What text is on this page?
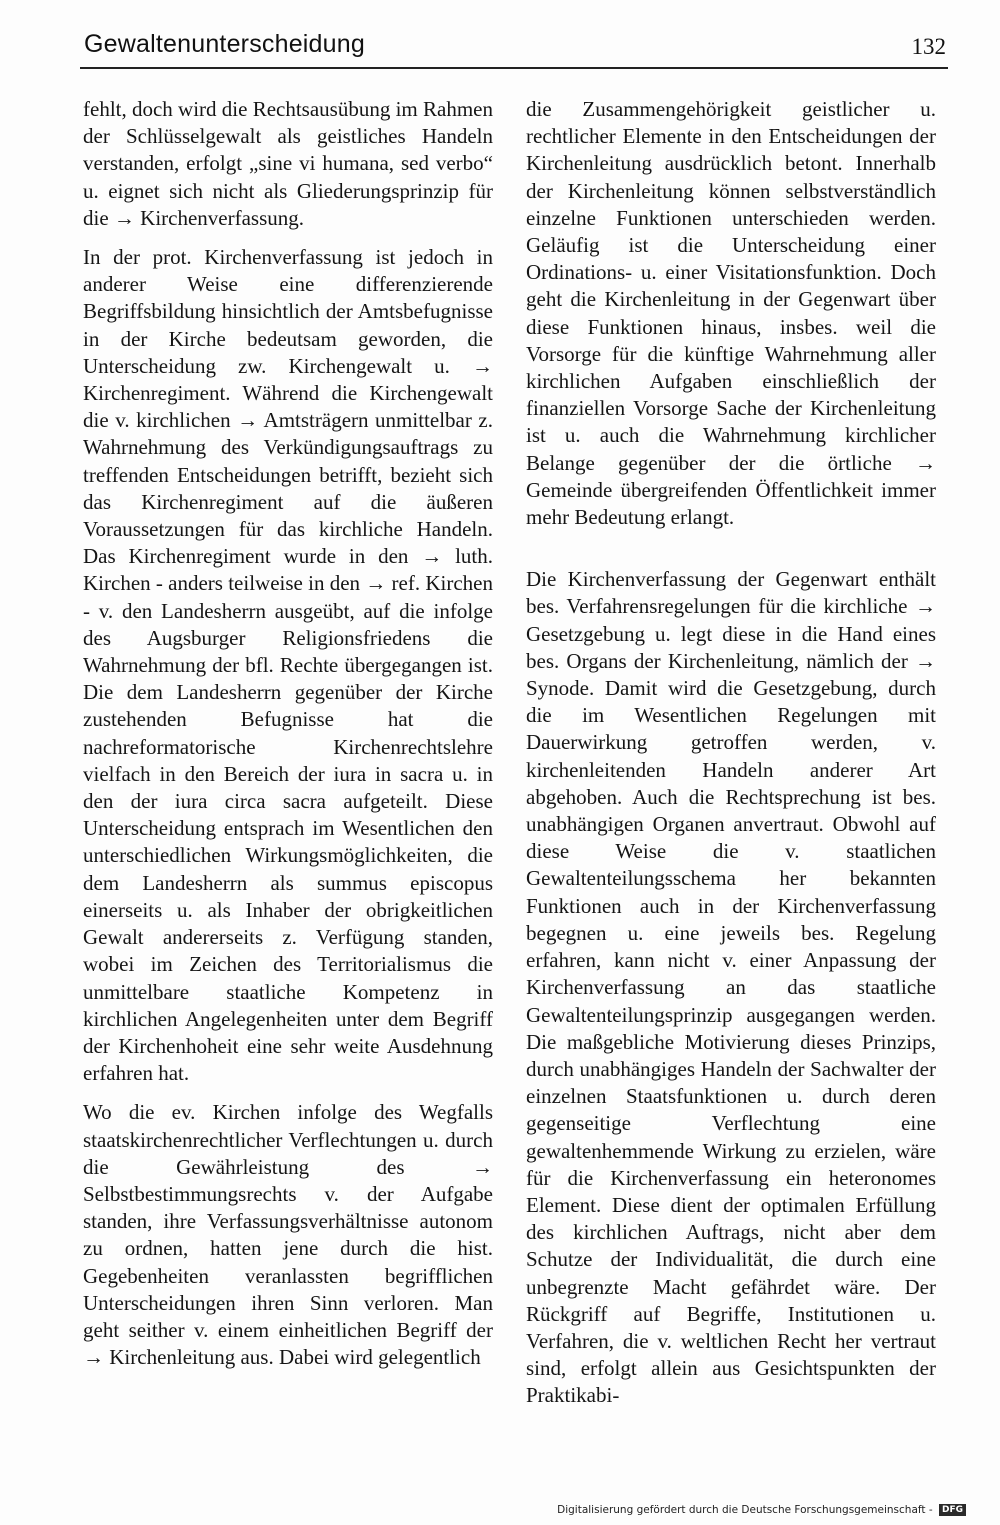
Gewaltenunterscheidung	132

fehlt, doch wird die Rechtsausübung im Rahmen der Schlüsselgewalt als geistliches Handeln verstanden, erfolgt „sine vi humana, sed verbo“ u. eignet sich nicht als Gliederungsprinzip für die → Kirchenverfassung.

In der prot. Kirchenverfassung ist jedoch in anderer Weise eine differenzierende Begriffsbildung hinsichtlich der Amtsbefugnisse in der Kirche bedeutsam geworden, die Unterscheidung zw. Kirchengewalt u. → Kirchenregiment. Während die Kirchengewalt die v. kirchlichen → Amtsträgern unmittelbar z. Wahrnehmung des Verkündigungsauftrags zu treffenden Entscheidungen betrifft, bezieht sich das Kirchenregiment auf die äußeren Voraussetzungen für das kirchliche Handeln. Das Kirchenregiment wurde in den → luth. Kirchen - anders teilweise in den → ref. Kirchen - v. den Landesherrn ausgeübt, auf die infolge des Augsburger Religionsfriedens die Wahrnehmung der bfl. Rechte übergegangen ist. Die dem Landesherrn gegenüber der Kirche zustehenden Befugnisse hat die nachreformatorische Kirchenrechtslehre vielfach in den Bereich der iura in sacra u. in den der iura circa sacra aufgeteilt. Diese Unterscheidung entsprach im Wesentlichen den unterschiedlichen Wirkungsmöglichkeiten, die dem Landesherrn als summus episcopus einerseits u. als Inhaber der obrigkeitlichen Gewalt andererseits z. Verfügung standen, wobei im Zeichen des Territorialismus die unmittelbare staatliche Kompetenz in kirchlichen Angelegenheiten unter dem Begriff der Kirchenhoheit eine sehr weite Ausdehnung erfahren hat.

Wo die ev. Kirchen infolge des Wegfalls staatskirchenrechtlicher Verflechtungen u. durch die Gewährleistung des → Selbstbestimmungsrechts v. der Aufgabe standen, ihre Verfassungsverhältnisse autonom zu ordnen, hatten jene durch die hist. Gegebenheiten veranlassten begrifflichen Unterscheidungen ihren Sinn verloren. Man geht seither v. einem einheitlichen Begriff der → Kirchenleitung aus. Dabei wird gelegentlich

die Zusammengehörigkeit geistlicher u. rechtlicher Elemente in den Entscheidungen der Kirchenleitung ausdrücklich betont. Innerhalb der Kirchenleitung können selbstverständlich einzelne Funktionen unterschieden werden. Geläufig ist die Unterscheidung einer Ordinations- u. einer Visitationsfunktion. Doch geht die Kirchenleitung in der Gegenwart über diese Funktionen hinaus, insbes. weil die Vorsorge für die künftige Wahrnehmung aller kirchlichen Aufgaben einschließlich der finanziellen Vorsorge Sache der Kirchenleitung ist u. auch die Wahrnehmung kirchlicher Belange gegenüber der die örtliche → Gemeinde übergreifenden Öffentlichkeit immer mehr Bedeutung erlangt.

Die Kirchenverfassung der Gegenwart enthält bes. Verfahrensregelungen für die kirchliche → Gesetzgebung u. legt diese in die Hand eines bes. Organs der Kirchenleitung, nämlich der → Synode. Damit wird die Gesetzgebung, durch die im Wesentlichen Regelungen mit Dauerwirkung getroffen werden, v. kirchenleitenden Handeln anderer Art abgehoben. Auch die Rechtsprechung ist bes. unabhängigen Organen anvertraut. Obwohl auf diese Weise die v. staatlichen Gewaltenteilungsschema her bekannten Funktionen auch in der Kirchenverfassung begegnen u. eine jeweils bes. Regelung erfahren, kann nicht v. einer Anpassung der Kirchenverfassung an das staatliche Gewaltenteilungsprinzip ausgegangen werden. Die maßgebliche Motivierung dieses Prinzips, durch unabhängiges Handeln der Sachwalter der einzelnen Staatsfunktionen u. durch deren gegenseitige Verflechtung eine gewaltenhemmende Wirkung zu erzielen, wäre für die Kirchenverfassung ein heteronomes Element. Diese dient der optimalen Erfüllung des kirchlichen Auftrags, nicht aber dem Schutze der Individualität, die durch eine unbegrenzte Macht gefährdet wäre. Der Rückgriff auf Begriffe, Institutionen u. Verfahren, die v. weltlichen Recht her vertraut sind, erfolgt allein aus Gesichtspunkten der Praktikabi-

Digitalisierung gefördert durch die Deutsche Forschungsgemeinschaft - DFG
